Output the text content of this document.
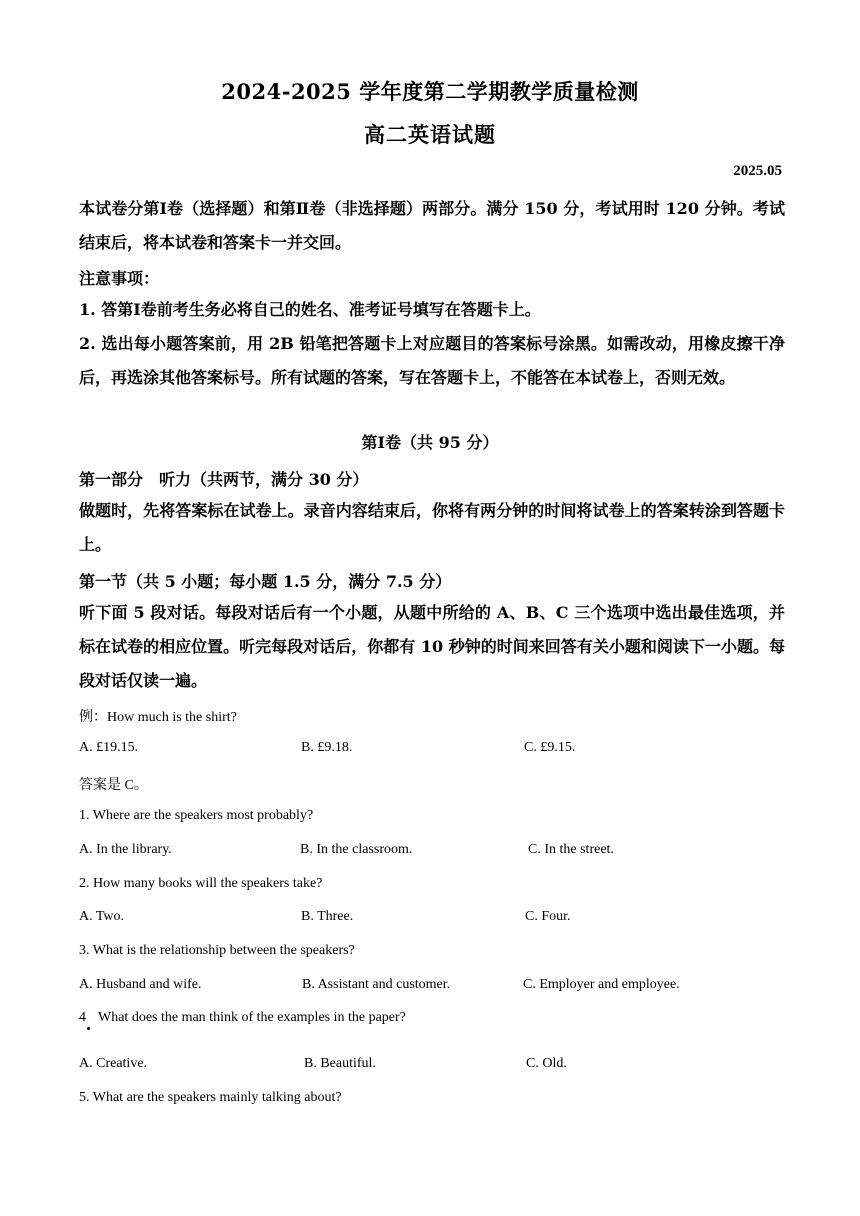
2024-2025 学年度第二学期教学质量检测
高二英语试题
2025.05
本试卷分第Ⅰ卷（选择题）和第Ⅱ卷（非选择题）两部分。满分 150 分，考试用时 120 分钟。考试结束后，将本试卷和答案卡一并交回。
注意事项：
1. 答第Ⅰ卷前考生务必将自己的姓名、准考证号填写在答题卡上。
2. 选出每小题答案前，用 2B 铅笔把答题卡上对应题目的答案标号涂黑。如需改动，用橡皮擦干净后，再选涂其他答案标号。所有试题的答案，写在答题卡上，不能答在本试卷上，否则无效。
第Ⅰ卷（共 95 分）
第一部分　听力（共两节，满分 30 分）
做题时，先将答案标在试卷上。录音内容结束后，你将有两分钟的时间将试卷上的答案转涂到答题卡上。
第一节（共 5 小题；每小题 1.5 分，满分 7.5 分）
听下面 5 段对话。每段对话后有一个小题，从题中所给的 A、B、C 三个选项中选出最佳选项，并标在试卷的相应位置。听完每段对话后，你都有 10 秒钟的时间来回答有关小题和阅读下一小题。每段对话仅读一遍。
例：How much is the shirt?
A. £19.15.	B. £9.18.	C. £9.15.
答案是 C。
1. Where are the speakers most probably?
A. In the library.	B. In the classroom.	C. In the street.
2. How many books will the speakers take?
A. Two.	B. Three.	C. Four.
3. What is the relationship between the speakers?
A. Husband and wife.	B. Assistant and customer.	C. Employer and employee.
4 What does the man think of the examples in the paper?
A. Creative.	B. Beautiful.	C. Old.
5. What are the speakers mainly talking about?
